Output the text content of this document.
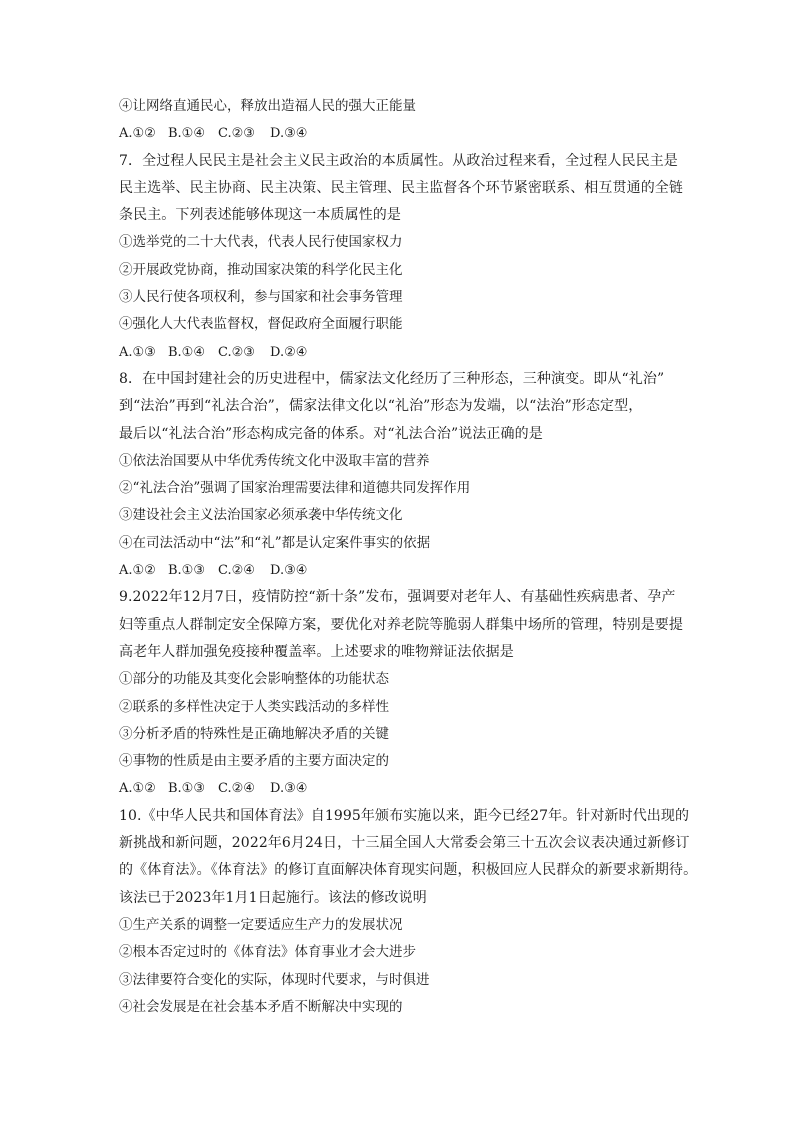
④让网络直通民心，释放出造福人民的强大正能量
A.①② B.①④ C.②③ D.③④
7．全过程人民民主是社会主义民主政治的本质属性。从政治过程来看，全过程人民民主是
民主选举、民主协商、民主决策、民主管理、民主监督各个环节紧密联系、相互贯通的全链
条民主。下列表述能够体现这一本质属性的是
①选举党的二十大代表，代表人民行使国家权力
②开展政党协商，推动国家决策的科学化民主化
③人民行使各项权利，参与国家和社会事务管理
④强化人大代表监督权，督促政府全面履行职能
A.①③ B.①④ C.②③ D.②④
8．在中国封建社会的历史进程中，儒家法文化经历了三种形态，三种演变。即从“礼治”
到“法治”再到“礼法合治”，儒家法律文化以“礼治”形态为发端，以“法治”形态定型，
最后以“礼法合治”形态构成完备的体系。对“礼法合治”说法正确的是
①依法治国要从中华优秀传统文化中汲取丰富的营养
②“礼法合治”强调了国家治理需要法律和道德共同发挥作用
③建设社会主义法治国家必须承袭中华传统文化
④在司法活动中“法”和“礼”都是认定案件事实的依据
A.①② B.①③ C.②④ D.③④
9.2022年12月7日，疫情防控“新十条”发布，强调要对老年人、有基础性疾病患者、孕产
妇等重点人群制定安全保障方案，要优化对养老院等脆弱人群集中场所的管理，特别是要提
高老年人群加强免疫接种覆盖率。上述要求的唯物辩证法依据是
①部分的功能及其变化会影响整体的功能状态
②联系的多样性决定于人类实践活动的多样性
③分析矛盾的特殊性是正确地解决矛盾的关键
④事物的性质是由主要矛盾的主要方面决定的
A.①② B.①③ C.②④ D.③④
10.《中华人民共和国体育法》自1995年颁布实施以来，距今已经27年。针对新时代出现的
新挑战和新问题，2022年6月24日，十三届全国人大常委会第三十五次会议表决通过新修订
的《体育法》。《体育法》的修订直面解决体育现实问题，积极回应人民群众的新要求新期待。
该法已于2023年1月1日起施行。该法的修改说明
①生产关系的调整一定要适应生产力的发展状况
②根本否定过时的《体育法》体育事业才会大进步
③法律要符合变化的实际，体现时代要求，与时俱进
④社会发展是在社会基本矛盾不断解决中实现的
